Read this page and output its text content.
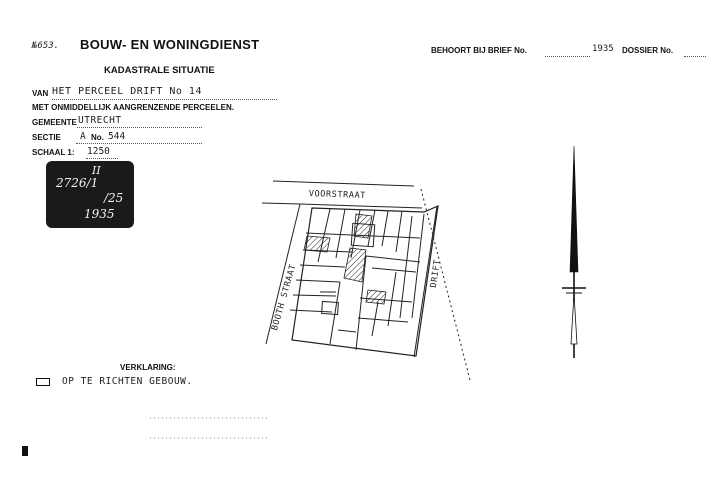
№653. BOUW- EN WONINGDIENST
KADASTRALE SITUATIE
BEHOORT BIJ BRIEF No.	1935 DOSSIER No.
VAN HET PERCEEL DRIFT No 14
MET ONMIDDELLIJK AANGRENZENDE PERCEELEN.
GEMEENTE UTRECHT
SECTIE A No. 544
SCHAAL 1: 1250
II
2726/1
/25
1935
VOORSTRAAT
BOOTH STRAAT	DRIFT
VERKLARING:
OP TE RICHTEN GEBOUW.
